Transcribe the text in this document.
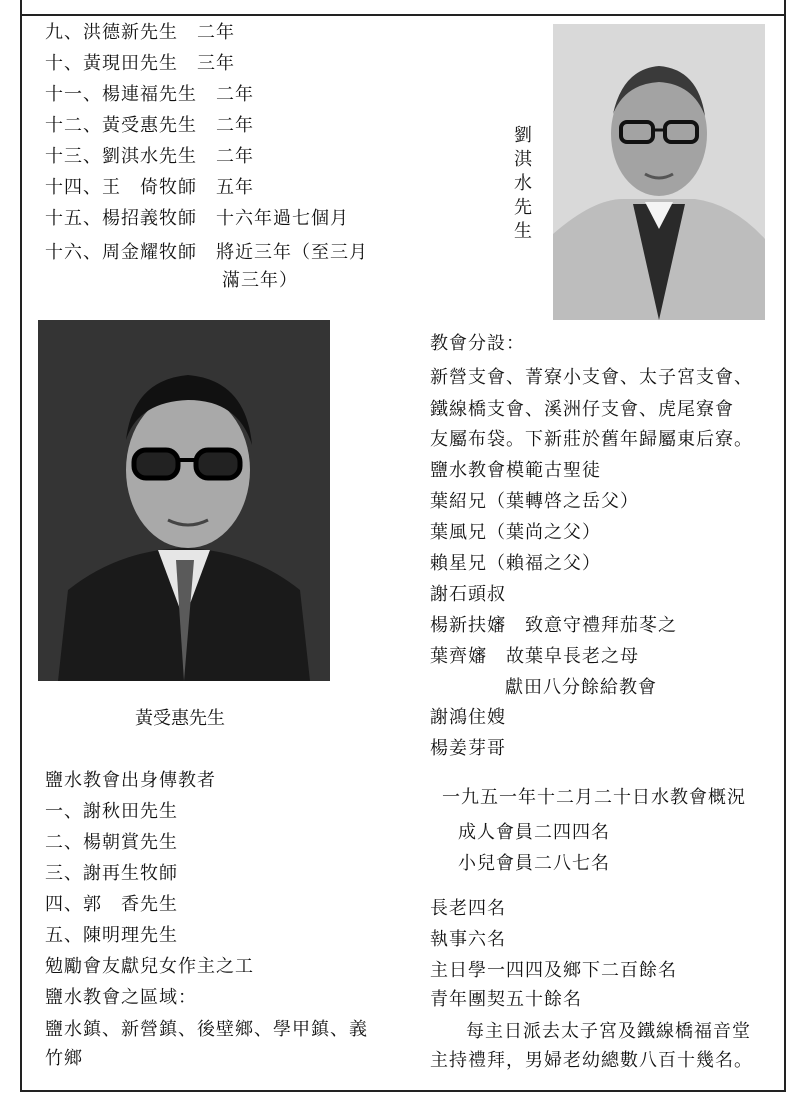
九、洪德新先生　二年
十、黃現田先生　三年
十一、楊連福先生　二年
十二、黃受惠先生　二年
十三、劉淇水先生　二年
十四、王　倚牧師　五年
十五、楊招義牧師　十六年過七個月
十六、周金耀牧師　將近三年（至三月
滿三年）
劉淇水先生
黃受惠先生
教會分設：
新營支會、菁寮小支會、太子宮支會、
鐵線橋支會、溪洲仔支會、虎尾寮會
友屬布袋。下新莊於舊年歸屬東后寮。
鹽水教會模範古聖徒
葉紹兄（葉轉啓之岳父）
葉風兄（葉尚之父）
賴星兄（賴福之父）
謝石頭叔
楊新扶嬸　致意守禮拜茄苳之
葉齊嬸　故葉皁長老之母
獻田八分餘給教會
謝鴻住嫂
楊姜芽哥
一九五一年十二月二十日水教會概況
成人會員二四四名
小兒會員二八七名
長老四名
執事六名
主日學一四四及鄉下二百餘名
青年團契五十餘名
每主日派去太子宮及鐵線橋福音堂
主持禮拜，男婦老幼總數八百十幾名。
鹽水教會出身傳教者
一、謝秋田先生
二、楊朝賞先生
三、謝再生牧師
四、郭　香先生
五、陳明理先生
勉勵會友獻兒女作主之工
鹽水教會之區域：
鹽水鎮、新營鎮、後壁鄉、學甲鎮、義
竹鄉
